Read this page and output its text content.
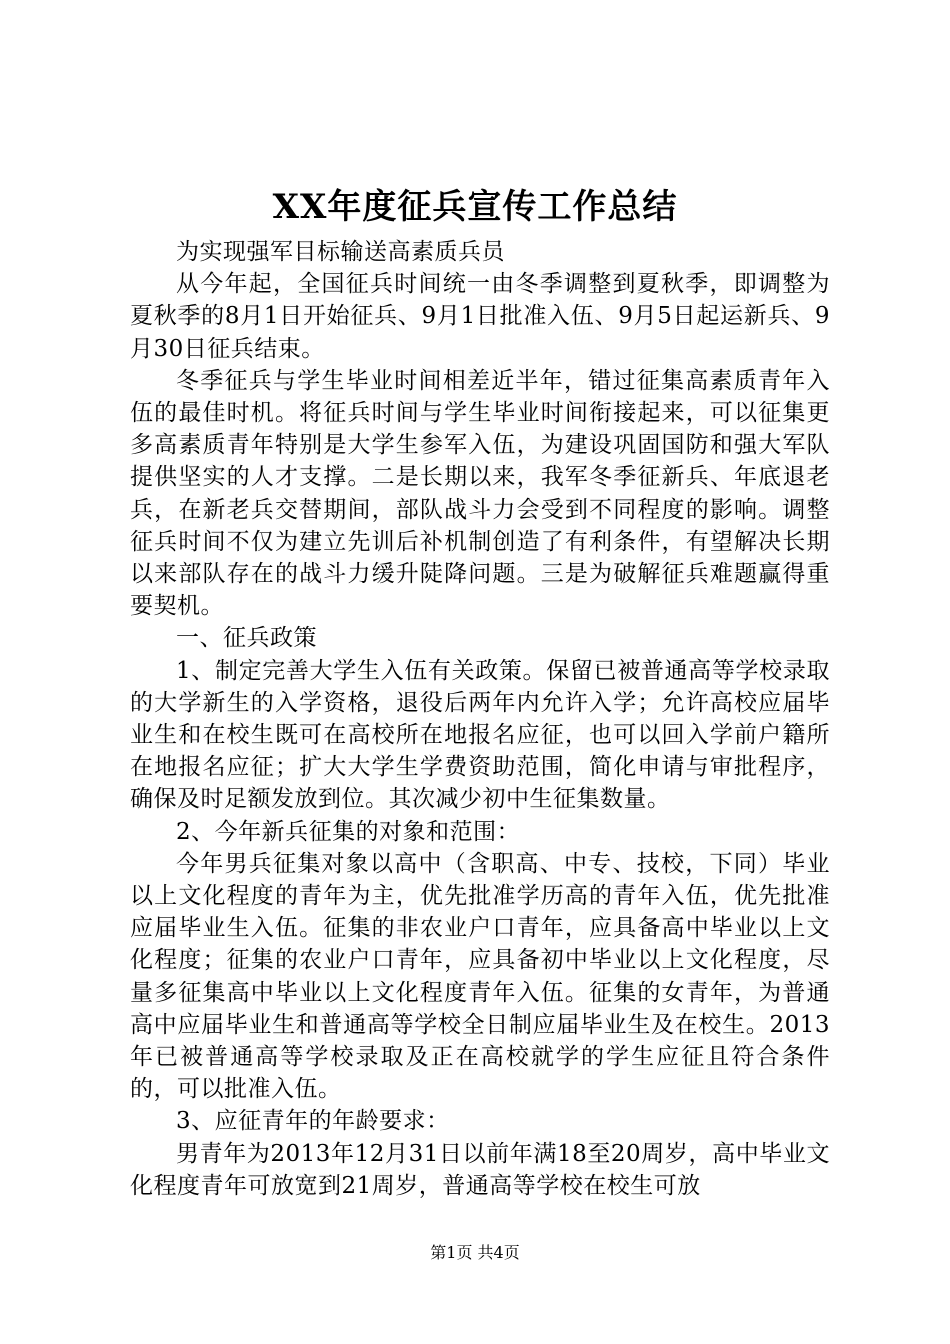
XX年度征兵宣传工作总结

为实现强军目标输送高素质兵员

从今年起，全国征兵时间统一由冬季调整到夏秋季，即调整为夏秋季的8月1日开始征兵、9月1日批准入伍、9月5日起运新兵、9月30日征兵结束。

冬季征兵与学生毕业时间相差近半年，错过征集高素质青年入伍的最佳时机。将征兵时间与学生毕业时间衔接起来，可以征集更多高素质青年特别是大学生参军入伍，为建设巩固国防和强大军队提供坚实的人才支撑。二是长期以来，我军冬季征新兵、年底退老兵，在新老兵交替期间，部队战斗力会受到不同程度的影响。调整征兵时间不仅为建立先训后补机制创造了有利条件，有望解决长期以来部队存在的战斗力缓升陡降问题。三是为破解征兵难题赢得重要契机。

一、征兵政策

1、制定完善大学生入伍有关政策。保留已被普通高等学校录取的大学新生的入学资格，退役后两年内允许入学；允许高校应届毕业生和在校生既可在高校所在地报名应征，也可以回入学前户籍所在地报名应征；扩大大学生学费资助范围，简化申请与审批程序，确保及时足额发放到位。其次减少初中生征集数量。

2、今年新兵征集的对象和范围：

今年男兵征集对象以高中（含职高、中专、技校，下同）毕业以上文化程度的青年为主，优先批准学历高的青年入伍，优先批准应届毕业生入伍。征集的非农业户口青年，应具备高中毕业以上文化程度；征集的农业户口青年，应具备初中毕业以上文化程度，尽量多征集高中毕业以上文化程度青年入伍。征集的女青年，为普通高中应届毕业生和普通高等学校全日制应届毕业生及在校生。2013年已被普通高等学校录取及正在高校就学的学生应征且符合条件的，可以批准入伍。

3、应征青年的年龄要求：

男青年为2013年12月31日以前年满18至20周岁，高中毕业文化程度青年可放宽到21周岁，普通高等学校在校生可放

第1页 共4页
